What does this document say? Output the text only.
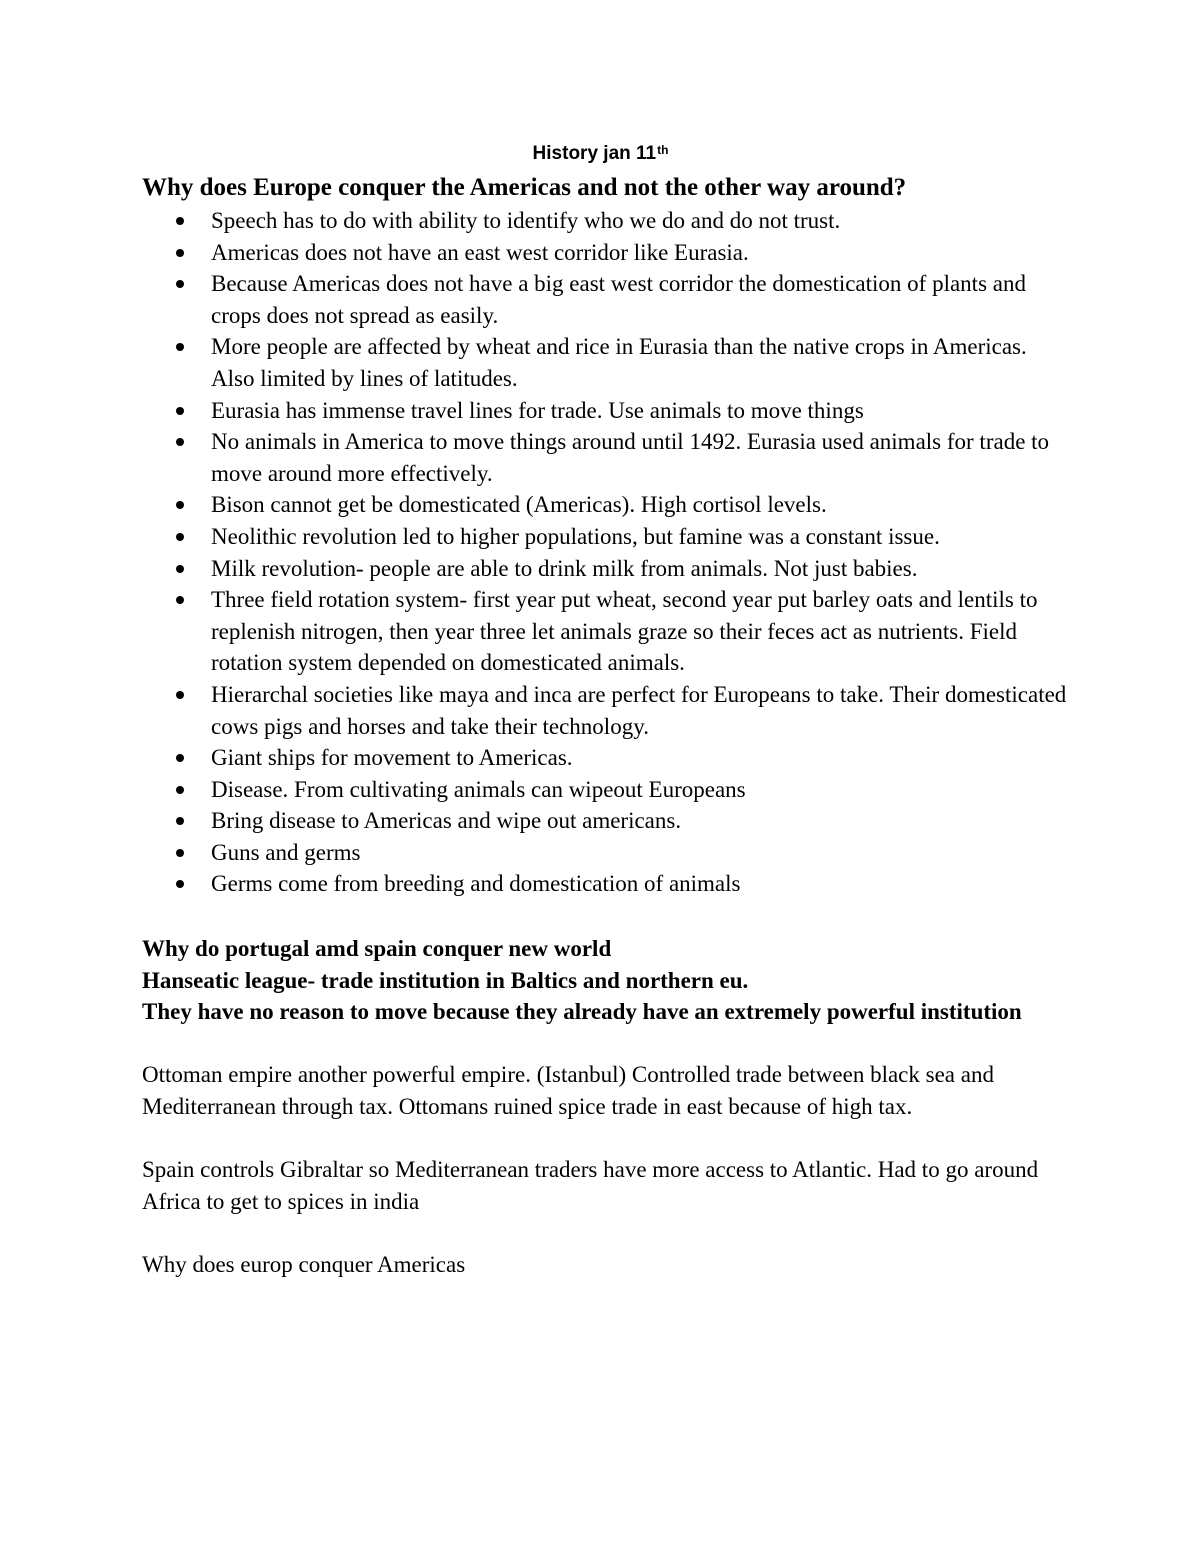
History jan 11th
Why does Europe conquer the Americas and not the other way around?
Speech has to do with ability to identify who we do and do not trust.
Americas does not have an east west corridor like Eurasia.
Because Americas does not have a big east west corridor the domestication of plants and crops does not spread as easily.
More people are affected by wheat and rice in Eurasia than the native crops in Americas. Also limited by lines of latitudes.
Eurasia has immense travel lines for trade. Use animals to move things
No animals in America to move things around until 1492. Eurasia used animals for trade to move around more effectively.
Bison cannot get be domesticated (Americas). High cortisol levels.
Neolithic revolution led to higher populations, but famine was a constant issue.
Milk revolution- people are able to drink milk from animals. Not just babies.
Three field rotation system- first year put wheat, second year put barley oats and lentils to replenish nitrogen, then year three let animals graze so their feces act as nutrients. Field rotation system depended on domesticated animals.
Hierarchal societies like maya and inca are perfect for Europeans to take. Their domesticated cows pigs and horses and take their technology.
Giant ships for movement to Americas.
Disease. From cultivating animals can wipeout Europeans
Bring disease to Americas and wipe out americans.
Guns and germs
Germs come from breeding and domestication of animals

Why do portugal amd spain conquer new world

Hanseatic league- trade institution in Baltics and northern eu.

They have no reason to move because they already have an extremely powerful institution

Ottoman empire another powerful empire. (Istanbul) Controlled trade between black sea and Mediterranean through tax. Ottomans ruined spice trade in east because of high tax.

Spain controls Gibraltar so Mediterranean traders have more access to Atlantic. Had to go around Africa to get to spices in india

Why does europ conquer Americas
